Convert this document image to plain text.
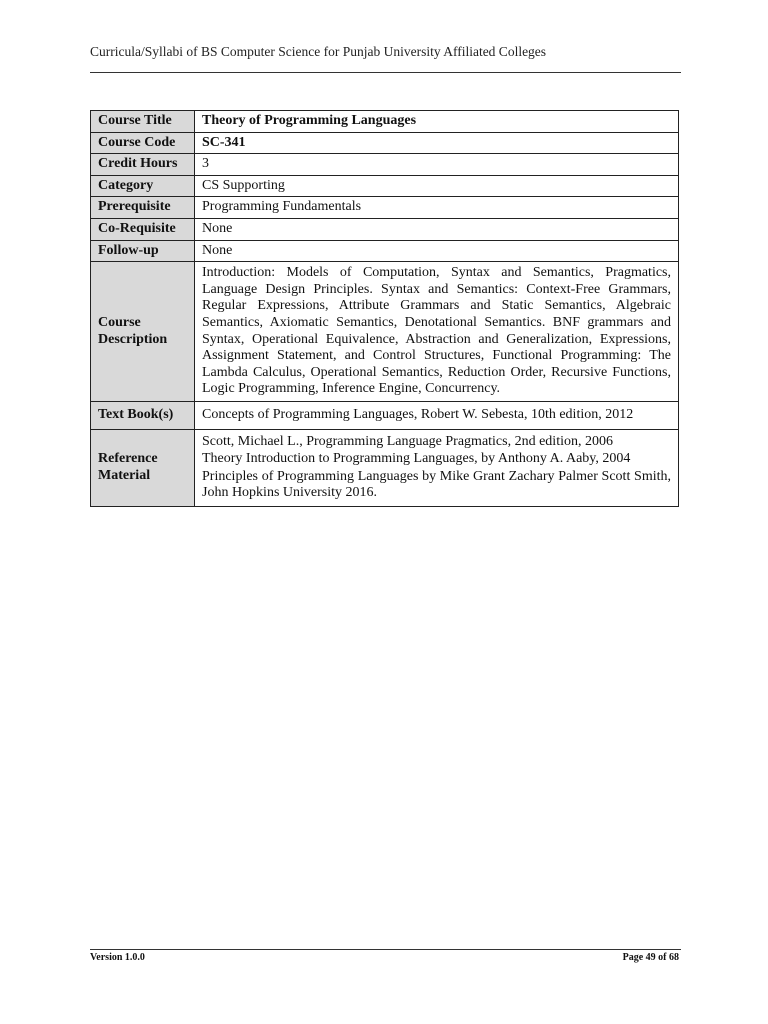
Curricula/Syllabi of BS Computer Science for Punjab University Affiliated Colleges
Course Title	Theory of Programming Languages
Course Code	SC-341
Credit Hours	3
Category	CS Supporting
Prerequisite	Programming Fundamentals
Co-Requisite	None
Follow-up	None
Course Description	Introduction: Models of Computation, Syntax and Semantics, Pragmatics, Language Design Principles. Syntax and Semantics: Context-Free Grammars, Regular Expressions, Attribute Grammars and Static Semantics, Algebraic Semantics, Axiomatic Semantics, Denotational Semantics. BNF grammars and Syntax, Operational Equivalence, Abstraction and Generalization, Expressions, Assignment Statement, and Control Structures, Functional Programming: The Lambda Calculus, Operational Semantics, Reduction Order, Recursive Functions, Logic Programming, Inference Engine, Concurrency.
Text Book(s)	Concepts of Programming Languages, Robert W. Sebesta, 10th edition, 2012
Reference Material	Scott, Michael L., Programming Language Pragmatics, 2nd edition, 2006
Theory Introduction to Programming Languages, by Anthony A. Aaby, 2004
Principles of Programming Languages by Mike Grant Zachary Palmer Scott Smith, John Hopkins University 2016.
Version 1.0.0	Page 49 of 68
